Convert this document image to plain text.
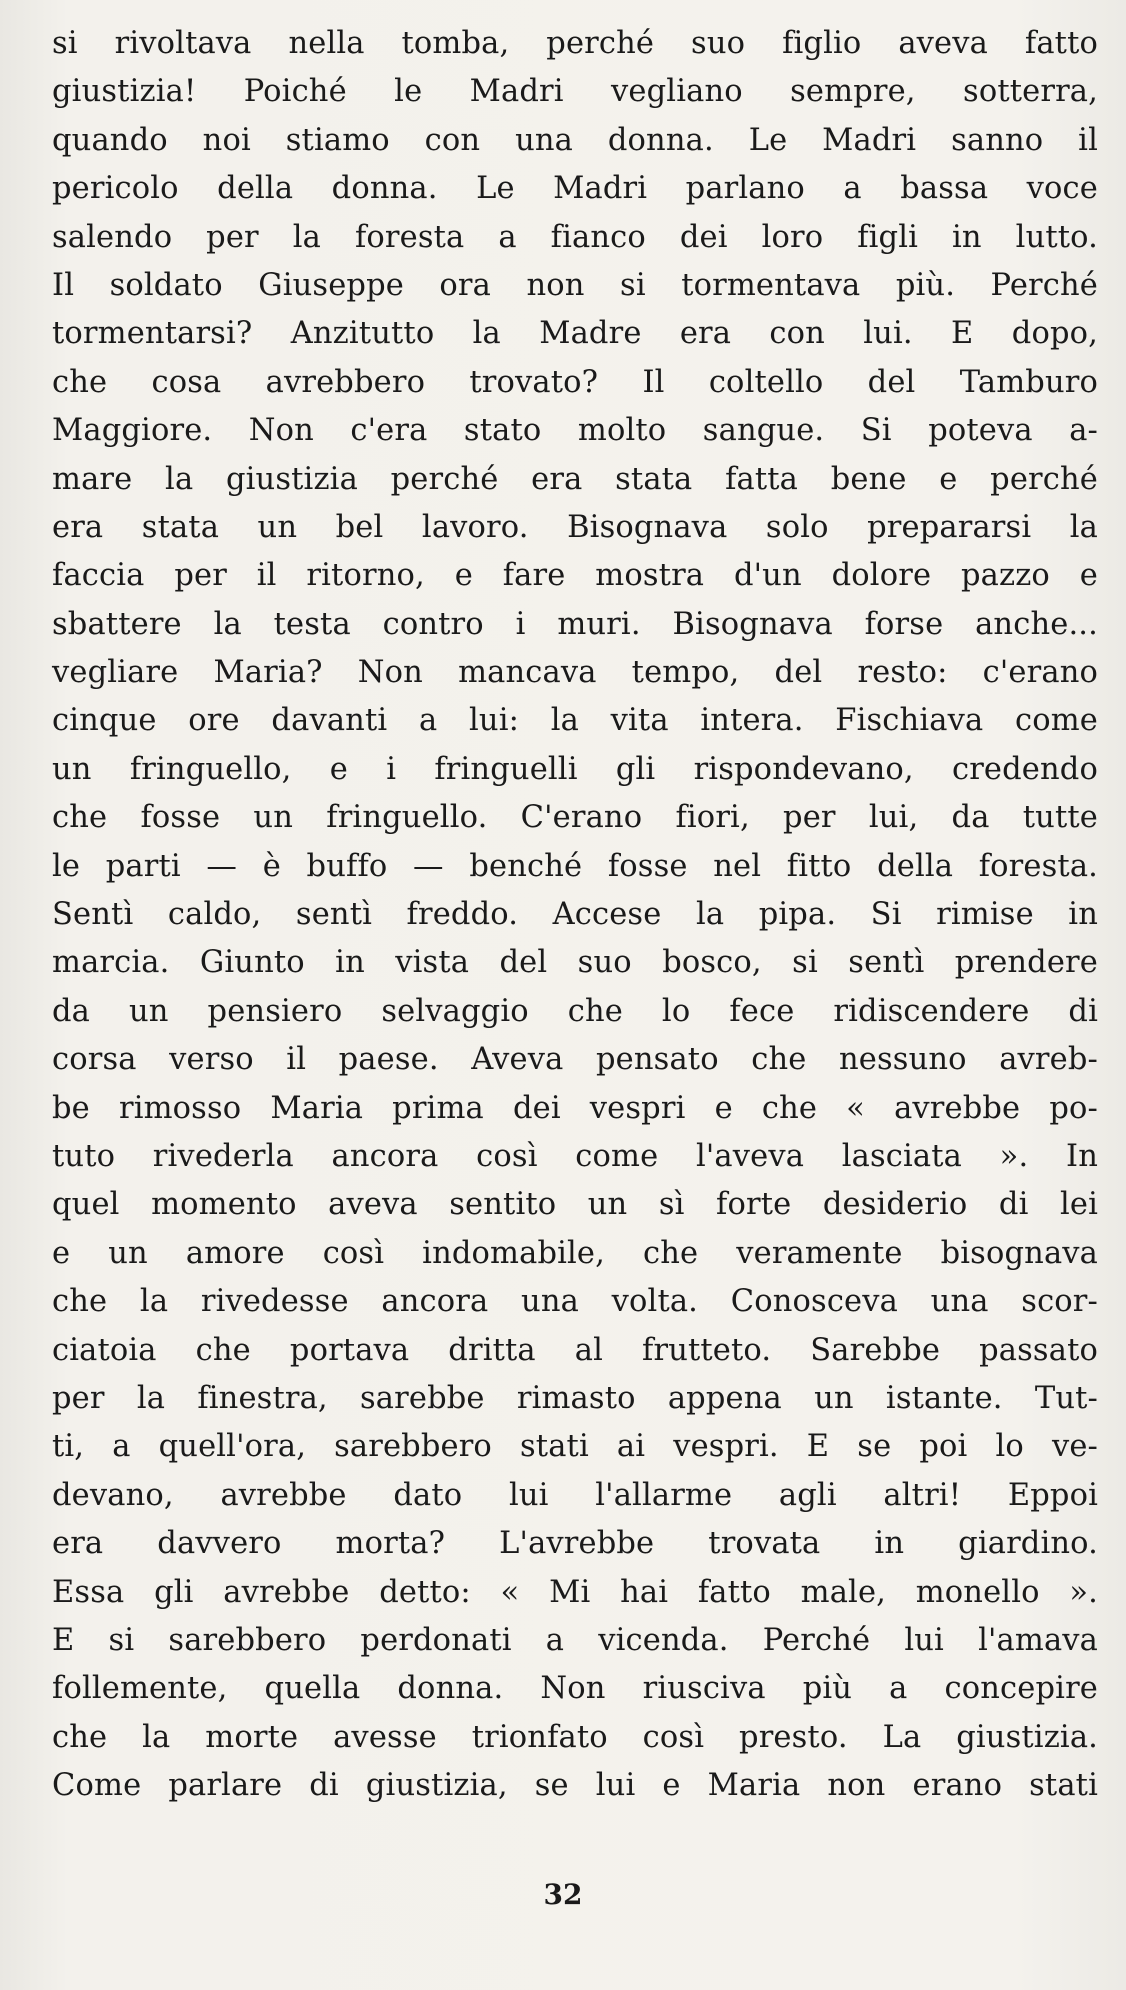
si rivoltava nella tomba, perché suo figlio aveva fatto
giustizia! Poiché le Madri vegliano sempre, sotterra,
quando noi stiamo con una donna. Le Madri sanno il
pericolo della donna. Le Madri parlano a bassa voce
salendo per la foresta a fianco dei loro figli in lutto.
Il soldato Giuseppe ora non si tormentava più. Perché
tormentarsi? Anzitutto la Madre era con lui. E dopo,
che cosa avrebbero trovato? Il coltello del Tamburo
Maggiore. Non c'era stato molto sangue. Si poteva a-
mare la giustizia perché era stata fatta bene e perché
era stata un bel lavoro. Bisognava solo prepararsi la
faccia per il ritorno, e fare mostra d'un dolore pazzo e
sbattere la testa contro i muri. Bisognava forse anche...
vegliare Maria? Non mancava tempo, del resto: c'erano
cinque ore davanti a lui: la vita intera. Fischiava come
un fringuello, e i fringuelli gli rispondevano, credendo
che fosse un fringuello. C'erano fiori, per lui, da tutte
le parti — è buffo — benché fosse nel fitto della foresta.
Sentì caldo, sentì freddo. Accese la pipa. Si rimise in
marcia. Giunto in vista del suo bosco, si sentì prendere
da un pensiero selvaggio che lo fece ridiscendere di
corsa verso il paese. Aveva pensato che nessuno avreb-
be rimosso Maria prima dei vespri e che « avrebbe po-
tuto rivederla ancora così come l'aveva lasciata ». In
quel momento aveva sentito un sì forte desiderio di lei
e un amore così indomabile, che veramente bisognava
che la rivedesse ancora una volta. Conosceva una scor-
ciatoia che portava dritta al frutteto. Sarebbe passato
per la finestra, sarebbe rimasto appena un istante. Tut-
ti, a quell'ora, sarebbero stati ai vespri. E se poi lo ve-
devano, avrebbe dato lui l'allarme agli altri! Eppoi
era davvero morta? L'avrebbe trovata in giardino.
Essa gli avrebbe detto: « Mi hai fatto male, monello ».
E si sarebbero perdonati a vicenda. Perché lui l'amava
follemente, quella donna. Non riusciva più a concepire
che la morte avesse trionfato così presto. La giustizia.
Come parlare di giustizia, se lui e Maria non erano stati
32
